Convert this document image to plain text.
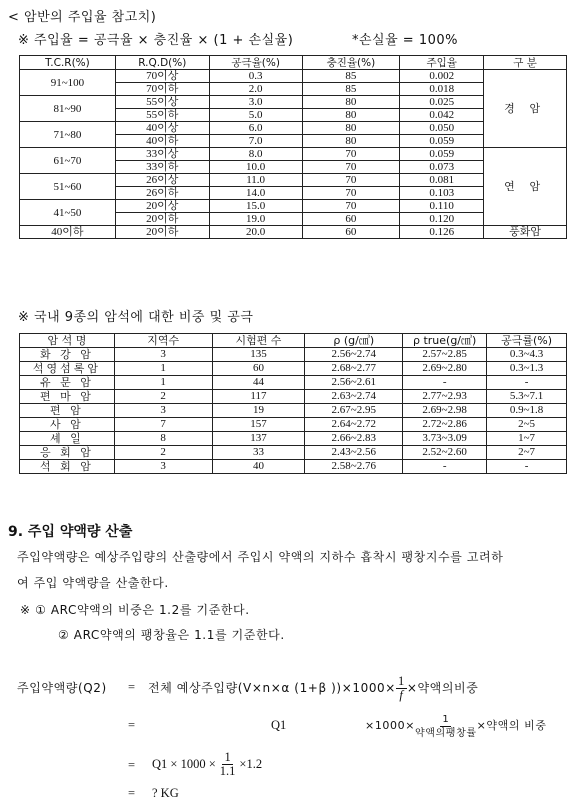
< 암반의 주입율 참고치)
※ 주입율 = 공극율 × 충진율 × (1 + 손실율)	*손실율 = 100%
T.C.R(%)	R.Q.D(%)	공극율(%)	충진율(%)	주입율	구 분
91~100	70이상	0.3	85	0.002	경 암
	70이하	2.0	85	0.018	
81~90	55이상	3.0	80	0.025	
	55이하	5.0	80	0.042	
71~80	40이상	6.0	80	0.050	
	40이하	7.0	80	0.059	
61~70	33이상	8.0	70	0.059	연 암
	33이하	10.0	70	0.073	
51~60	26이상	11.0	70	0.081	
	26이하	14.0	70	0.103	
41~50	20이상	15.0	70	0.110	
	20이하	19.0	60	0.120	
40이하	20이하	20.0	60	0.126	풍화암
※ 국내 9종의 암석에 대한 비중 및 공극
암 석 명	지역수	시험편 수	ρ (g/㎤)	ρ true(g/㎤)	공극률(%)
화 강 암	3	135	2.56~2.74	2.57~2.85	0.3~4.3
석영섬록암	1	60	2.68~2.77	2.69~2.80	0.3~1.3
유 문 암	1	44	2.56~2.61	-	-
편 마 암	2	117	2.63~2.74	2.77~2.93	5.3~7.1
편 암	3	19	2.67~2.95	2.69~2.98	0.9~1.8
사 암	7	157	2.64~2.72	2.72~2.86	2~5
셰 일	8	137	2.66~2.83	3.73~3.09	1~7
응 회 암	2	33	2.43~2.56	2.52~2.60	2~7
석 회 암	3	40	2.58~2.76	-	-
9. 주입 약액량 산출
주입약액량은 예상주입량의 산출량에서 주입시 약액의 지하수 흡착시 팽창지수를 고려하
여 주입 약액량을 산출한다.
※ ① ARC약액의 비중은 1.2를 기준한다.
② ARC약액의 팽창율은 1.1를 기준한다.
주입약액량(Q2) = 전체 예상주입량(V×n×α (1+β ))$\times 1000\times \frac{1}{f}$ ×약액의비중
=	Q1	$\times 1000\times \frac{1}{\text{약액의팽창률}}$ ×약액의 비중
= $Q1 \times 1000 \times \frac{1}{1.1} \times 1.2$
= ? KG
